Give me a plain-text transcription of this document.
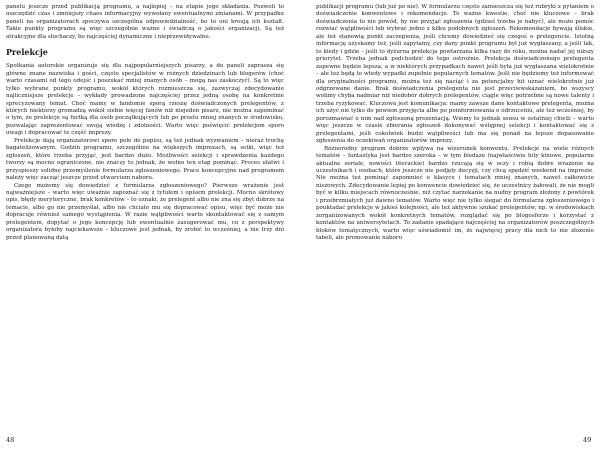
panelu jeszcze przed publikacją programu, a najlepiej – na etapie jego składania. Pozwoli to oszczędzić czas i zmniejszy chaos informacyjny wywołany ewentualnymi zmianami. W przypadku paneli na organizatorach spoczywa szczególna odpowiedzialność, bo to oni kreują ich kształt. Takie punkty programu są więc szczególnie ważne i świadczą o jakości organizacji. Są też atrakcyjne dla słuchaczy, bo najczęściej dynamiczne i nieprzewidywalne.

Prelekcje

Spotkania autorskie organizuje się dla najpopularniejszych pisarzy, a do paneli zaprasza się główne znane nazwiska i gości, często specjalistów w różnych dziedzinach lub blogerów (choć warto czasami od tego odejść i poszukać mniej znanych osób – mogą nas zaskoczyć). Są to więc tylko wybrane punkty programu, wokół których rozmieszcza się, zazwyczaj zdecydowanie najliczniejsze prelekcje – wykłady prowadzone najczęściej przez jedną osobę na konkretnie sprecyzowany temat. Choć mamy w fandomie sporą rzeszę doświadczonych prelegentów, z których niektórzy gromadzą wokół siebie więcej fanów niż niejeden pisarz, nie można zapominać o tym, że prelekcje są furtką dla osób początkujących lub po prostu mniej znanych w środowisku, pozwalając zaprezentować swoją wiedzę i zdolności. Warto więc poświęcić prelekcjom sporo uwagi i dopracować te część imprezy.

Prelekcje dają organizatorowi spore pole do popisu, są też jednak wyzwaniem – nieraz trochę bagatelizowanym. Godzin programu, szczególnie na większych imprezach, są setki, więc też zgłoszeń, które trzeba przyjąć, jest bardzo dużo. Możliwości selekcji i sprawdzenia każdego tworzy są mocno ograniczone, nie znaczy to jednak, że wolno ten etap pominąć. Proces ułatwi i przyspieszy solidne przemyślenie formularza zgłoszeniowego. Prace koncepcyjne nad programem należy więc zacząć jeszcze przed otwarciem naboru.

Czego możemy się dowiedzieć z formularza zgłoszeniowego? Pierwsze wrażenie jest najważniejsze – warto więc uważnie zapoznać się z tytułem i opisem prelekcji. Mocno skrótowy opis, błędy merytoryczne, brak konkretów – to oznaki, że prelegent albo nie zna się zbyt dobrze na temacie, albo go nie przemyślał, albo nie chciało mu się dopracować opisu, więc być może nie dopracuje również samego wystąpienia. W razie wątpliwości warto skontaktować się z samym prelegentem, dopytać o jego koncepcję lub ewentualnie zasugerować mu, co z perspektywy organizatora byłoby najciekawsze – kluczowe jest jednak, by zrobić to wcześniej, a nie trzy dni przed planowaną datą

publikacji programu (lub już po nie). W formularzu często zamieszcza się też rubryki z pytaniem o doświadczenie konwentowe i rekomendacje. To ważne kwestie, choć nie kluczowe – brak doświadczenia to nie powód, by nie przyjąć zgłoszenia (gdzieś trzeba je nabyć), ale może pomóc rozwiać wątpliwości lub wybrać jedno z kilku podobnych zgłoszeń. Rekomendacje bywają śliskie, ale też stanowią punkt zaczepienia, jeśli chcemy dowiedzieć się czegoś o prelegencie. Istotną informację uzyskamy też, jeśli zapytamy, czy dany punkt programu był już wygłaszany, a jeśli tak, to kiedy i gdzie – jeśli to dyżurna prelekcja powtarzana kilka razy do roku, można nadać jej niższy priorytet. Trzeba jednak podchodzić do tego ostrożnie. Prelekcja doświadczonego prelegenta zapewne będzie lepsza, a w niektórych przypadkach nawet jeśli była już wygłaszana wielokrotnie – ale też będą to wtedy wypadki zupełnie popularnych tematów. Jeśli nie będziemy też informować dla oryginalności programu, można też się naciąć i za potencjalny hit uznać wielokrotnie już odgrzewane danie. Brak doświadczenia prelegenta nie jest przeciwwskazaniem, bo wszyscy wolimy chyba nadmiar niż niedobór dobrych prelegentów, ciągle więc potrzebne są nowe talenty i trzeba ryzykować. Kluczowa jest komunikacja: mamy zawsze dane kontaktowe prelegenta, można ich użyć nie tylko do powiem przyjęcia albo po poinformowania o odrzuceniu, ale też wcześniej, by porozmawiać o nim nad zgłoszoną prezentacją. Wiemy to jednak sensu w ostatniej chwili – warto więc jeszcze w czasie zbierania zgłoszeń dokonywać wstępnej selekcji i kontaktować się z prelegentami, jeśli cokolwiek budzi wątpliwości lub ma się ponad na lepsze dopasowanie zgłoszenia do oczekiwań organizatorów imprezy.

Różnorodny program dobrze wpływa na wizerunek konwentu. Prelekcje na wiele różnych tematów – fantastyka jest bardzo szeroka – w tym biedaze (najwłaściwie hity kinowe, popularne aktualne seriale, nowości literackie) bardzo rzucają się w oczy i robią dobre wrażenie na uczestnikach i osobach, które jeszcze nie podjęły decyzji, czy chcą spędzić weekend na imprezie. Nie można też pominąć zapomnieć o klasyce i tematach mniej znanych, nawet całkowicie niszowych. Zdecydowanie lepiej po konwencie dowiedzieć się, że uczestnicy żałowali, że nie mogli być w kilku miejscach równocześnie, niż czytać narzekanie na nudny program złożony z powtórek i przebrzmiałych już dawno tematów. Warto więc nie tylko śiegać do formularza zgłoszeniowego i pouktadać prelekcje w jakieś kolejności, ale też aktywnie szukać prelegentów, np. w środowiskach zorganizowanych wokół konkretnych tematów, rozglądać się po blogosferze i korzystać z kontaktów na uniwersytetach. To zadanie spadające najczęściej na organizatorów poszczególnych bloków tematycznych, warto więc uświadomić im, że najwięcej pracy dla nich to nie złożenie tabeli, ale promowanie naboru

48	49
